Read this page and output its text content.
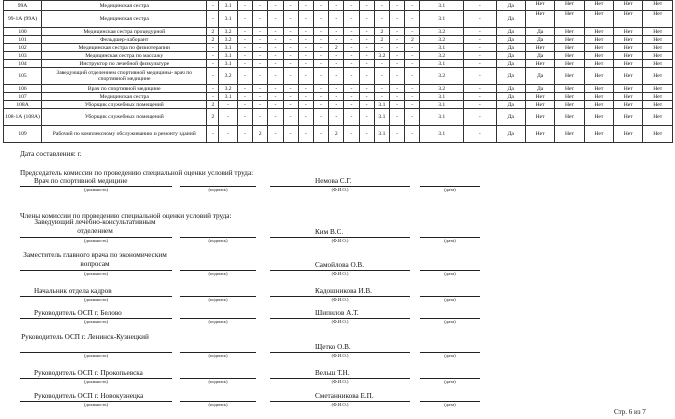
99А	Медицинская сестра	-	3.1	-	-	-	-	-	-	-	-	-	-	-	-	3.1	-	Да	Нет	Нет	Нет	Нет	Нет
99-1А (99А)	Медицинская сестра	-	3.1	-	-	-	-	-	-	-	-	-	-	-	-	3.1	-	Да	Нет	Нет	Нет	Нет	Нет
100	Медицинская сестра процедурной	2	3.2	-	-	-	-	-	-	-	-	-	2	-	-	3.2	-	Да	Да	Нет	Нет	Нет	Нет
101	Фельдшер-лаборант	2	3.2	-	-	-	-	-	-	-	-	-	2	-	2	3.2	-	Да	Да	Нет	Нет	Нет	Нет
102	Медицинская сестра по физиотерапии	-	3.1	-	-	-	-	-	-	2	-	-	-	-	-	3.1	-	Да	Нет	Нет	Нет	Нет	Нет
103	Медицинская сестра по массажу	-	3.1	-	-	-	-	-	-	-	-	-	3.2	-	-	3.2	-	Да	Да	Нет	Нет	Нет	Нет
104	Инструктор по лечебной физкультуре	-	3.1	-	-	-	-	-	-	-	-	-	-	-	-	3.1	-	Да	Нет	Нет	Нет	Нет	Нет
105	Заведующий отделением спортивной медицины- врач по спортивной медицине	-	3.2	-	-	-	-	-	-	-	-	-	-	-	-	3.2	-	Да	Да	Нет	Нет	Нет	Нет
106	Врач по спортивной медицине	-	3.2	-	-	-	-	-	-	-	-	-	-	-	-	3.2	-	Да	Да	Нет	Нет	Нет	Нет
107	Медицинская сестра	-	3.1	-	-	-	-	-	-	-	-	-	-	-	-	3.1	-	Да	Нет	Нет	Нет	Нет	Нет
108А	Уборщик служебных помещений	2	-	-	-	-	-	-	-	-	-	-	3.1	-	-	3.1	-	Да	Нет	Нет	Нет	Нет	Нет
108-1А (108А)	Уборщик служебных помещений	2	-	-	-	-	-	-	-	-	-	-	3.1	-	-	3.1	-	Да	Нет	Нет	Нет	Нет	Нет
109	Рабочий по комплексному обслуживанию и ремонту зданий	-	-	-	2	-	-	-	-	2	-	-	3.1	-	-	3.1	-	Да	Нет	Нет	Нет	Нет	Нет
Дата составления: г.
Председатель комиссии по проведению специальной оценки условий труда:
Врач по спортивной медицине	Немова С.Г.
(должность)	(подпись)	(Ф.И.О.)	(дата)
Заведующий лечебно-консультативным отделением	Ким В.С.
(должность)	(подпись)	(Ф.И.О.)	(дата)
Заместитель главного врача по экономическим вопросам	Самойлова О.В.
(должность)	(подпись)	(Ф.И.О.)	(дата)
Начальник отдела кадров	Кадошникова И.В.
(должность)	(подпись)	(Ф.И.О.)	(дата)
Руководитель ОСП г. Белово	Шипилов А.Т.
(должность)	(подпись)	(Ф.И.О.)	(дата)
Руководитель ОСП г. Ленинск-Кузнецкий
Щетко О.В.
(должность)	(подпись)	(Ф.И.О.)	(дата)
Руководитель ОСП г. Прокопьевска	Вельш Т.Н.
(должность)	(подпись)	(Ф.И.О.)	(дата)
Руководитель ОСП г. Новокузнецка	Сметанникова Е.П.
(должность)	(подпись)	(Ф.И.О.)	(дата)
Члены комиссии по проведению специальной оценки условий труда:
Стр. 6 из 7
